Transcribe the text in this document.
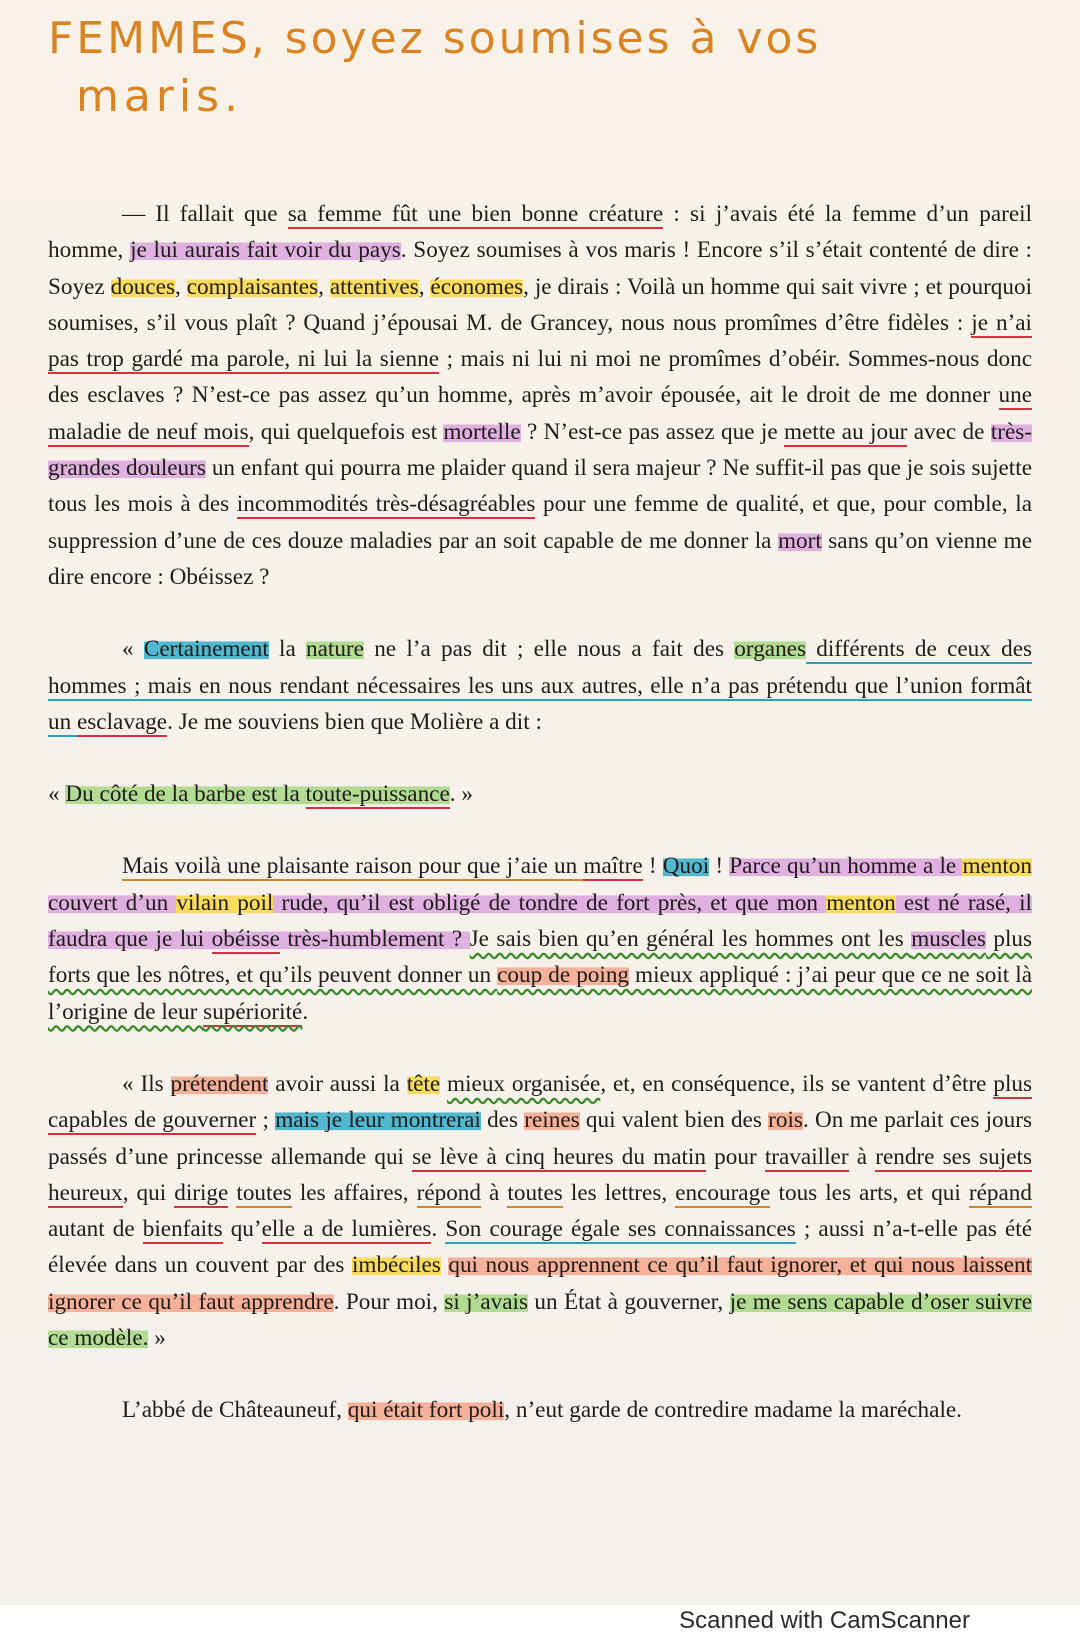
FEMMES, soyez soumises à vos
maris.

— Il fallait que sa femme fût une bien bonne créature : si j’avais été la femme d’un pareil homme, je lui aurais fait voir du pays. Soyez soumises à vos maris ! Encore s’il s’était contenté de dire : Soyez douces, complaisantes, attentives, économes, je dirais : Voilà un homme qui sait vivre ; et pourquoi soumises, s’il vous plaît ? Quand j’épousai M. de Grancey, nous nous promîmes d’être fidèles : je n’ai pas trop gardé ma parole, ni lui la sienne ; mais ni lui ni moi ne promîmes d’obéir. Sommes-nous donc des esclaves ? N’est-ce pas assez qu’un homme, après m’avoir épousée, ait le droit de me donner une maladie de neuf mois, qui quelquefois est mortelle ? N’est-ce pas assez que je mette au jour avec de très-grandes douleurs un enfant qui pourra me plaider quand il sera majeur ? Ne suffit-il pas que je sois sujette tous les mois à des incommodités très-désagréables pour une femme de qualité, et que, pour comble, la suppression d’une de ces douze maladies par an soit capable de me donner la mort sans qu’on vienne me dire encore : Obéissez ?

« Certainement la nature ne l’a pas dit ; elle nous a fait des organes différents de ceux des hommes ; mais en nous rendant nécessaires les uns aux autres, elle n’a pas prétendu que l’union formât un esclavage. Je me souviens bien que Molière a dit :

« Du côté de la barbe est la toute-puissance. »

Mais voilà une plaisante raison pour que j’aie un maître ! Quoi ! Parce qu’un homme a le menton couvert d’un vilain poil rude, qu’il est obligé de tondre de fort près, et que mon menton est né rasé, il faudra que je lui obéisse très-humblement ? Je sais bien qu’en général les hommes ont les muscles plus forts que les nôtres, et qu’ils peuvent donner un coup de poing mieux appliqué : j’ai peur que ce ne soit là l’origine de leur supériorité.

« Ils prétendent avoir aussi la tête mieux organisée, et, en conséquence, ils se vantent d’être plus capables de gouverner ; mais je leur montrerai des reines qui valent bien des rois. On me parlait ces jours passés d’une princesse allemande qui se lève à cinq heures du matin pour travailler à rendre ses sujets heureux, qui dirige toutes les affaires, répond à toutes les lettres, encourage tous les arts, et qui répand autant de bienfaits qu’elle a de lumières. Son courage égale ses connaissances ; aussi n’a-t-elle pas été élevée dans un couvent par des imbéciles qui nous apprennent ce qu’il faut ignorer, et qui nous laissent ignorer ce qu’il faut apprendre. Pour moi, si j’avais un État à gouverner, je me sens capable d’oser suivre ce modèle. »

L’abbé de Châteauneuf, qui était fort poli, n’eut garde de contredire madame la maréchale.

Scanned with CamScanner
